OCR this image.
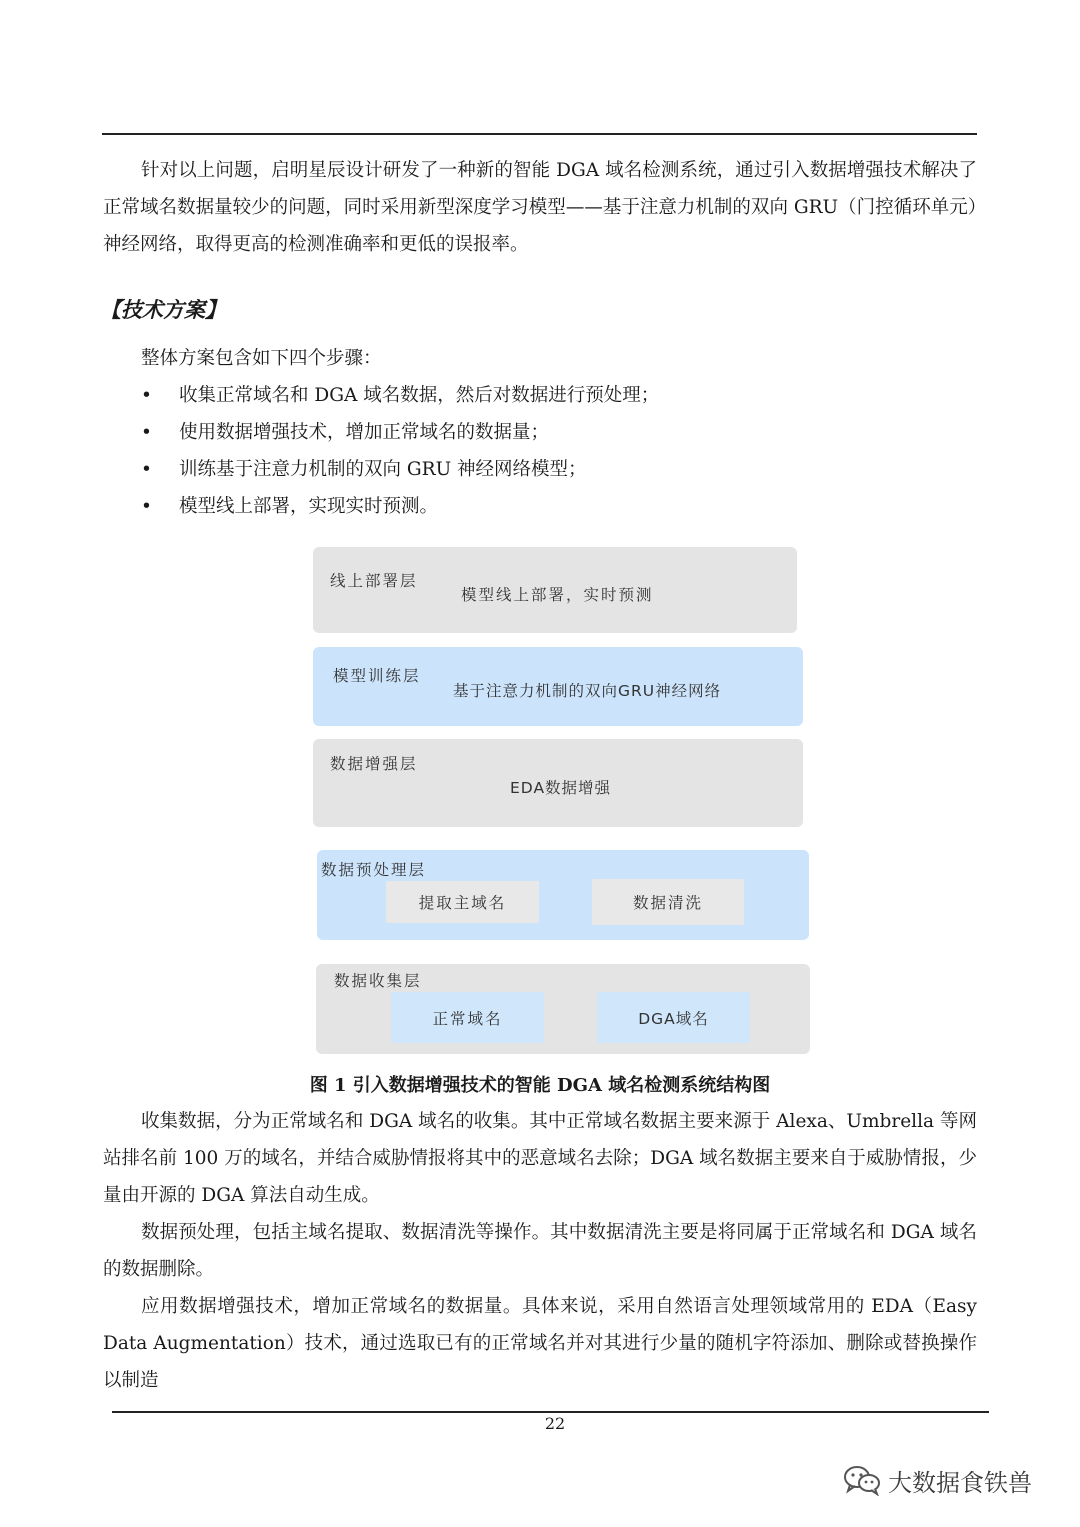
针对以上问题，启明星辰设计研发了一种新的智能 DGA 域名检测系统，通过引入数据增强技术解决了正常域名数据量较少的问题，同时采用新型深度学习模型——基于注意力机制的双向 GRU（门控循环单元）神经网络，取得更高的检测准确率和更低的误报率。

【技术方案】

整体方案包含如下四个步骤：

• 收集正常域名和 DGA 域名数据，然后对数据进行预处理；
• 使用数据增强技术，增加正常域名的数据量；
• 训练基于注意力机制的双向 GRU 神经网络模型；
• 模型线上部署，实现实时预测。
线上部署层
模型线上部署，实时预测
模型训练层
基于注意力机制的双向GRU神经网络
数据增强层
EDA数据增强
数据预处理层
提取主域名	数据清洗
数据收集层
正常域名	DGA域名

图 1 引入数据增强技术的智能 DGA 域名检测系统结构图

收集数据，分为正常域名和 DGA 域名的收集。其中正常域名数据主要来源于 Alexa、Umbrella 等网站排名前 100 万的域名，并结合威胁情报将其中的恶意域名去除；DGA 域名数据主要来自于威胁情报，少量由开源的 DGA 算法自动生成。

数据预处理，包括主域名提取、数据清洗等操作。其中数据清洗主要是将同属于正常域名和 DGA 域名的数据删除。

应用数据增强技术，增加正常域名的数据量。具体来说，采用自然语言处理领域常用的 EDA（Easy Data Augmentation）技术，通过选取已有的正常域名并对其进行少量的随机字符添加、删除或替换操作以制造

22
大数据食铁兽
